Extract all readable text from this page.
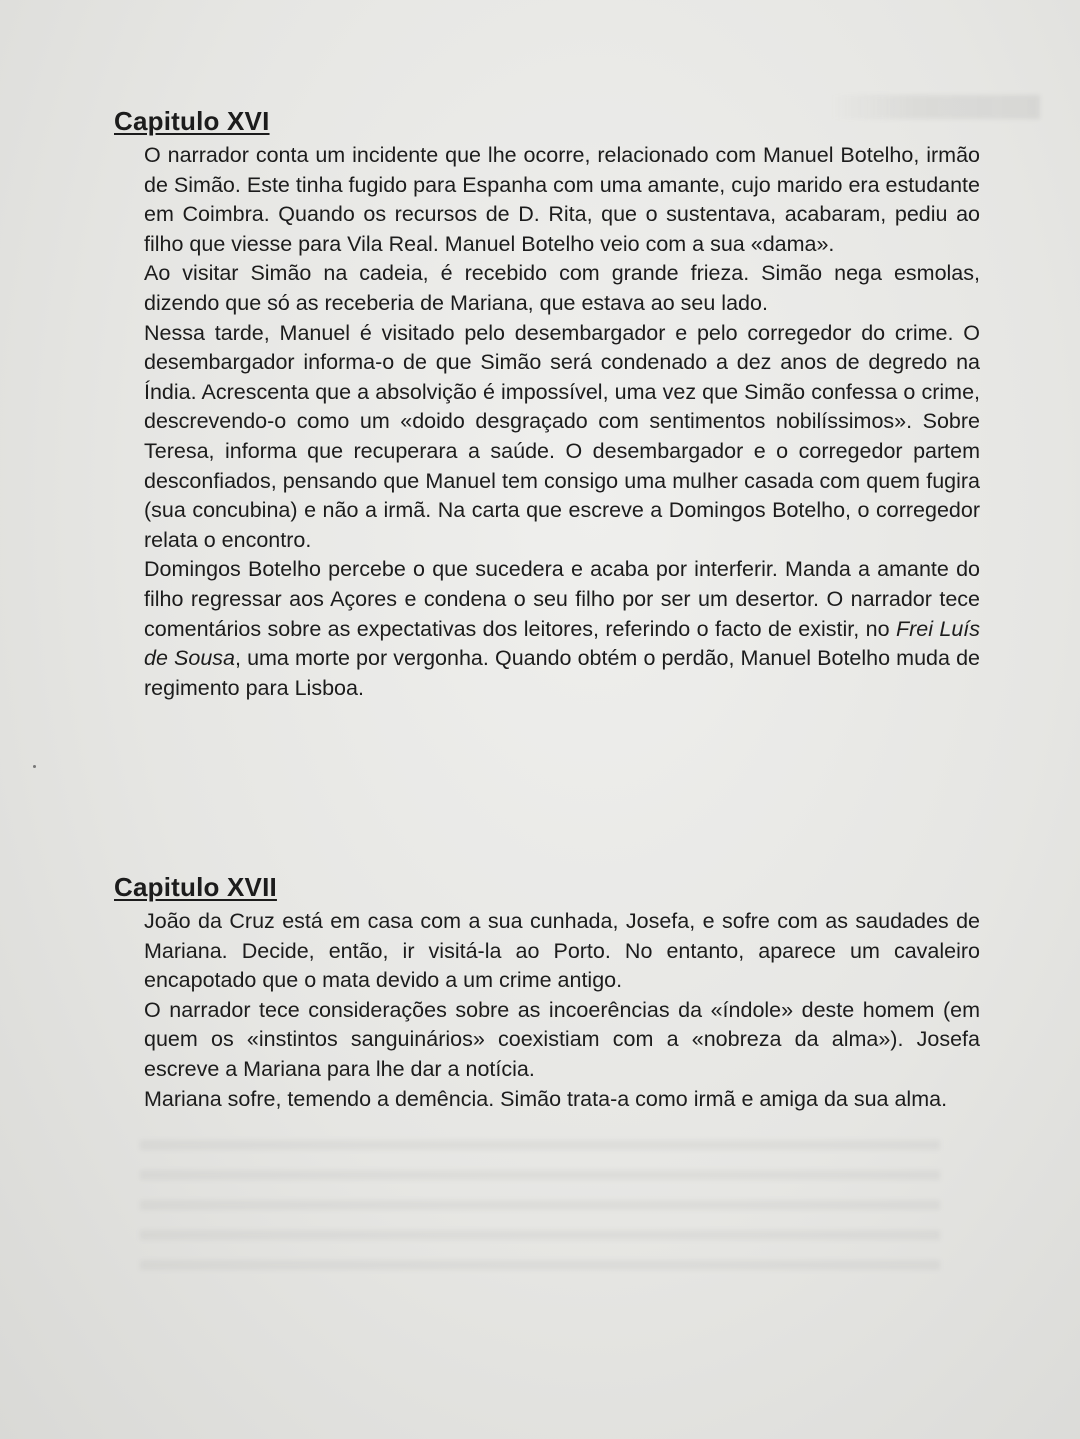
Capitulo XVI

O narrador conta um incidente que lhe ocorre, relacionado com Manuel Botelho, irmão de Simão. Este tinha fugido para Espanha com uma amante, cujo marido era estudante em Coimbra. Quando os recursos de D. Rita, que o sustentava, acabaram, pediu ao filho que viesse para Vila Real. Manuel Botelho veio com a sua «dama».

Ao visitar Simão na cadeia, é recebido com grande frieza. Simão nega esmolas, dizendo que só as receberia de Mariana, que estava ao seu lado.

Nessa tarde, Manuel é visitado pelo desembargador e pelo corregedor do crime. O desembargador informa-o de que Simão será condenado a dez anos de degredo na Índia. Acrescenta que a absolvição é impossível, uma vez que Simão confessa o crime, descrevendo-o como um «doido desgraçado com sentimentos nobilíssimos». Sobre Teresa, informa que recuperara a saúde. O desembargador e o corregedor partem desconfiados, pensando que Manuel tem consigo uma mulher casada com quem fugira (sua concubina) e não a irmã. Na carta que escreve a Domingos Botelho, o corregedor relata o encontro.

Domingos Botelho percebe o que sucedera e acaba por interferir. Manda a amante do filho regressar aos Açores e condena o seu filho por ser um desertor. O narrador tece comentários sobre as expectativas dos leitores, referindo o facto de existir, no Frei Luís de Sousa, uma morte por vergonha. Quando obtém o perdão, Manuel Botelho muda de regimento para Lisboa.

Capitulo XVII

João da Cruz está em casa com a sua cunhada, Josefa, e sofre com as saudades de Mariana. Decide, então, ir visitá-la ao Porto. No entanto, aparece um cavaleiro encapotado que o mata devido a um crime antigo.

O narrador tece considerações sobre as incoerências da «índole» deste homem (em quem os «instintos sanguinários» coexistiam com a «nobreza da alma»). Josefa escreve a Mariana para lhe dar a notícia.

Mariana sofre, temendo a demência. Simão trata-a como irmã e amiga da sua alma.
